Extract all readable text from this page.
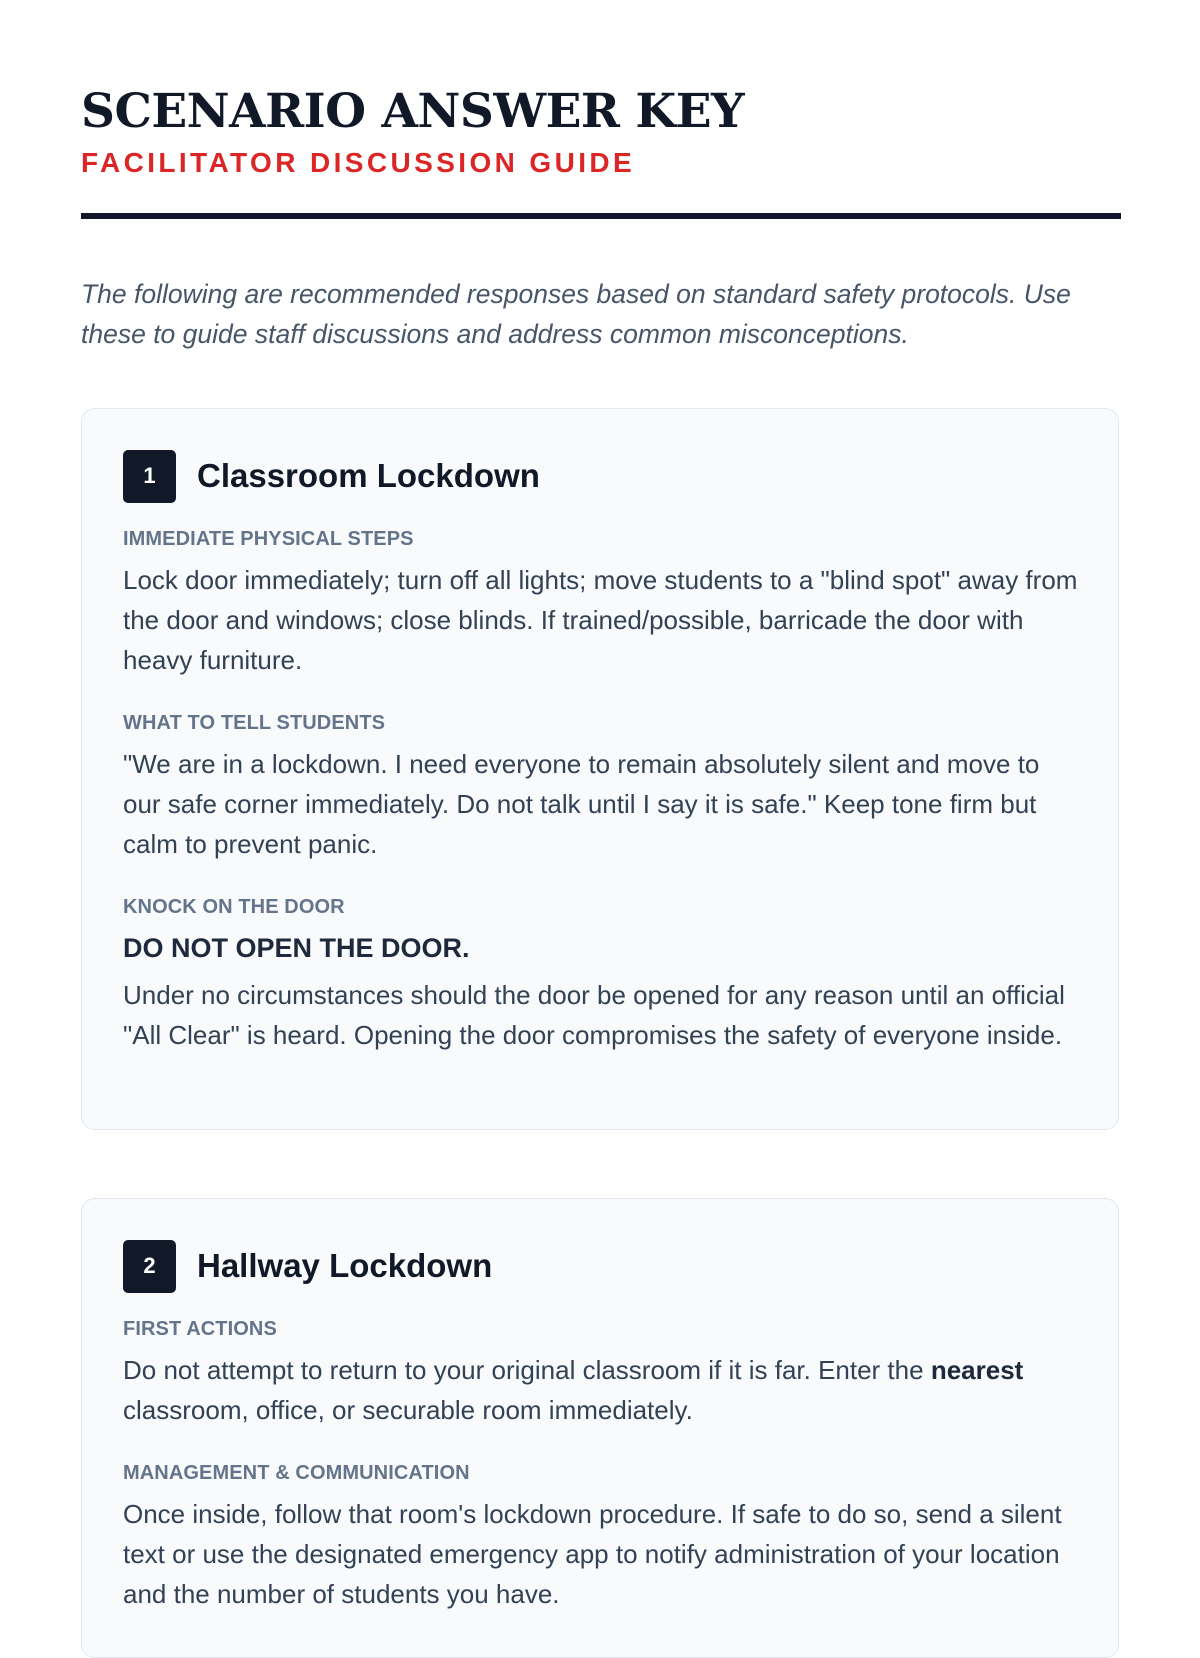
SCENARIO ANSWER KEY
FACILITATOR DISCUSSION GUIDE

The following are recommended responses based on standard safety protocols. Use these to guide staff discussions and address common misconceptions.

1	Classroom Lockdown

IMMEDIATE PHYSICAL STEPS

Lock door immediately; turn off all lights; move students to a "blind spot" away from the door and windows; close blinds. If trained/possible, barricade the door with heavy furniture.

WHAT TO TELL STUDENTS

"We are in a lockdown. I need everyone to remain absolutely silent and move to our safe corner immediately. Do not talk until I say it is safe." Keep tone firm but calm to prevent panic.

KNOCK ON THE DOOR

DO NOT OPEN THE DOOR.

Under no circumstances should the door be opened for any reason until an official "All Clear" is heard. Opening the door compromises the safety of everyone inside.

2	Hallway Lockdown

FIRST ACTIONS

Do not attempt to return to your original classroom if it is far. Enter the nearest classroom, office, or securable room immediately.

MANAGEMENT & COMMUNICATION

Once inside, follow that room's lockdown procedure. If safe to do so, send a silent text or use the designated emergency app to notify administration of your location and the number of students you have.
